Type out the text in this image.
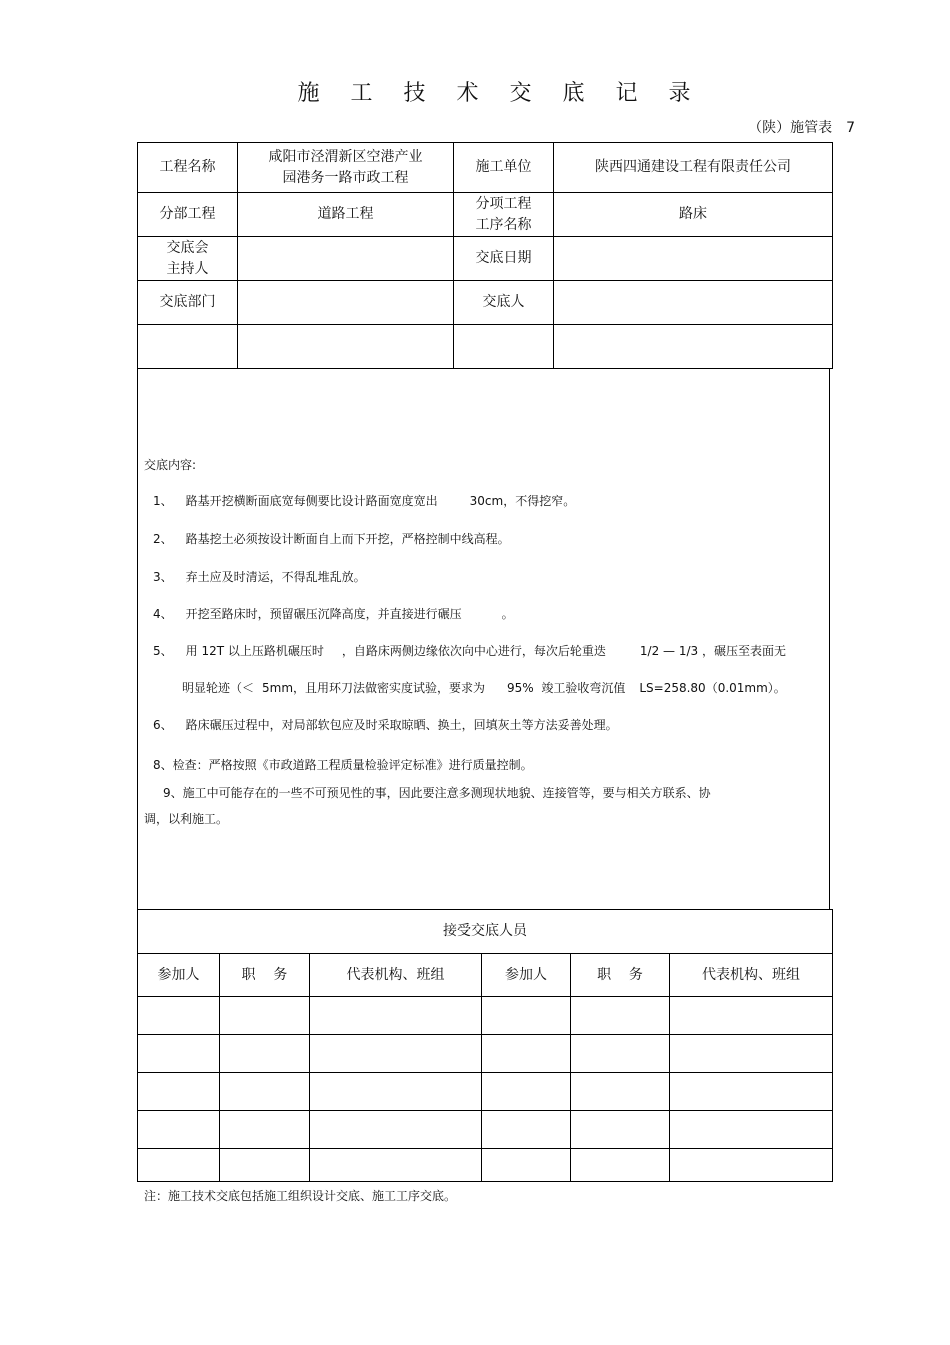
施 工 技 术 交 底 记 录
（陕）施管表 7
工程名称	咸阳市泾渭新区空港产业
园港务一路市政工程	施工单位	陕西四通建设工程有限责任公司
分部工程	道路工程	分项工程
工序名称	路床

交底会
主持人		交底日期	
交底部门		交底人	

交底内容:

1、 路基开挖横断面底宽每侧要比设计路面宽度宽出	30cm，不得挖窄。

2、 路基挖土必须按设计断面自上而下开挖，严格控制中线高程。

3、 弃土应及时清运，不得乱堆乱放。

4、 开挖至路床时，预留碾压沉降高度，并直接进行碾压	。

5、 用 12T 以上压路机碾压时 ，自路床两侧边缘依次向中心进行，每次后轮重迭	1/2 — 1/3 ，碾压至表面无

明显轮迹（＜ 5mm，且用环刀法做密实度试验，要求为 95%  竣工验收弯沉值 LS=258.80（0.01mm）。

6、 路床碾压过程中，对局部软包应及时采取晾晒、换土，回填灰土等方法妥善处理。

8、检查：严格按照《市政道路工程质量检验评定标准》进行质量控制。

9、施工中可能存在的一些不可预见性的事，因此要注意多测现状地貌、连接管等，要与相关方联系、协

调，以利施工。

接受交底人员					
参加人	职    务	代表机构、班组	参加人	职    务	代表机构、班组

注：施工技术交底包括施工组织设计交底、施工工序交底。
